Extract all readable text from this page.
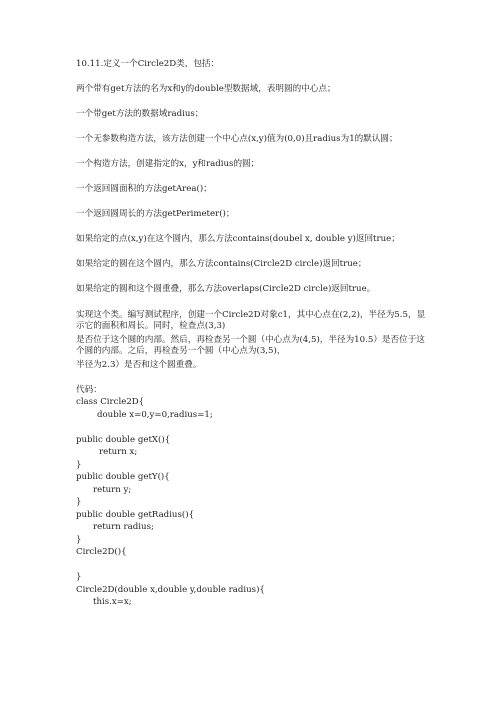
10.11.定义一个Circle2D类，包括：
两个带有get方法的名为x和y的double型数据域，表明圆的中心点；
一个带get方法的数据域radius；
一个无参数构造方法，该方法创建一个中心点(x,y)值为(0,0)且radius为1的默认圆；
一个构造方法，创建指定的x，y和radius的圆；
一个返回圆面积的方法getArea()；
一个返回圆周长的方法getPerimeter()；
如果给定的点(x,y)在这个圆内，那么方法contains(doubel x, double y)返回true；
如果给定的圆在这个圆内，那么方法contains(Circle2D circle)返回true；
如果给定的圆和这个圆重叠，那么方法overlaps(Circle2D circle)返回true。
实现这个类。编写测试程序，创建一个Circle2D对象c1，其中心点在(2,2)，半径为5.5，显
示它的面积和周长。同时，检查点(3,3)
是否位于这个圆的内部。然后，再检查另一个圆（中心点为(4,5)，半径为10.5）是否位于这
个圆的内部。之后，再检查另一个圆（中心点为(3,5)，
半径为2.3）是否和这个圆重叠。
代码：
class Circle2D{
double x=0,y=0,radius=1;
public double getX(){
return x;
}
public double getY(){
return y;
}
public double getRadius(){
return radius;
}
Circle2D(){
}
Circle2D(double x,double y,double radius){
this.x=x;
